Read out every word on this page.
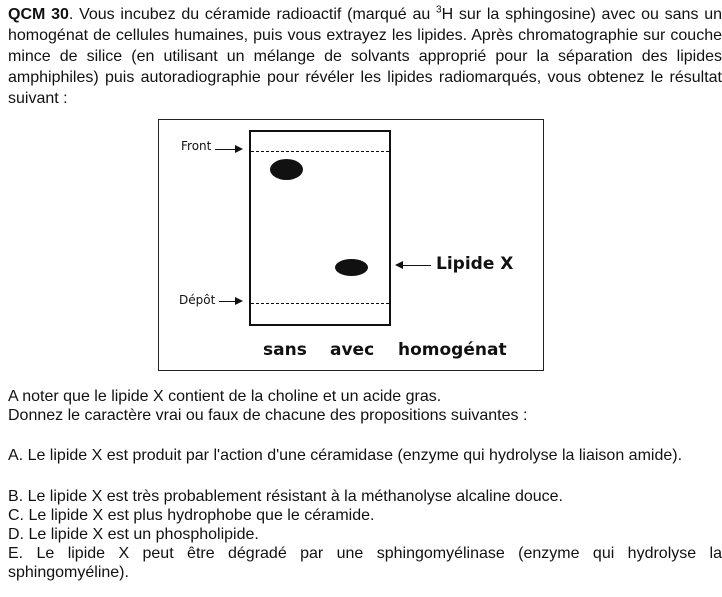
QCM 30. Vous incubez du céramide radioactif (marqué au $^3$H sur la sphingosine) avec ou sans un homogénat de cellules humaines, puis vous extrayez les lipides. Après chromatographie sur couche mince de silice (en utilisant un mélange de solvants approprié pour la séparation des lipides amphiphiles) puis autoradiographie pour révéler les lipides radiomarqués, vous obtenez le résultat suivant :

Front
Dépôt
Lipide X
sans avec homogénat

A noter que le lipide X contient de la choline et un acide gras.

Donnez le caractère vrai ou faux de chacune des propositions suivantes :

A. Le lipide X est produit par l'action d'une céramidase (enzyme qui hydrolyse la liaison amide).

B. Le lipide X est très probablement résistant à la méthanolyse alcaline douce.

C. Le lipide X est plus hydrophobe que le céramide.

D. Le lipide X est un phospholipide.

E. Le lipide X peut être dégradé par une sphingomyélinase (enzyme qui hydrolyse la sphingomyéline).
